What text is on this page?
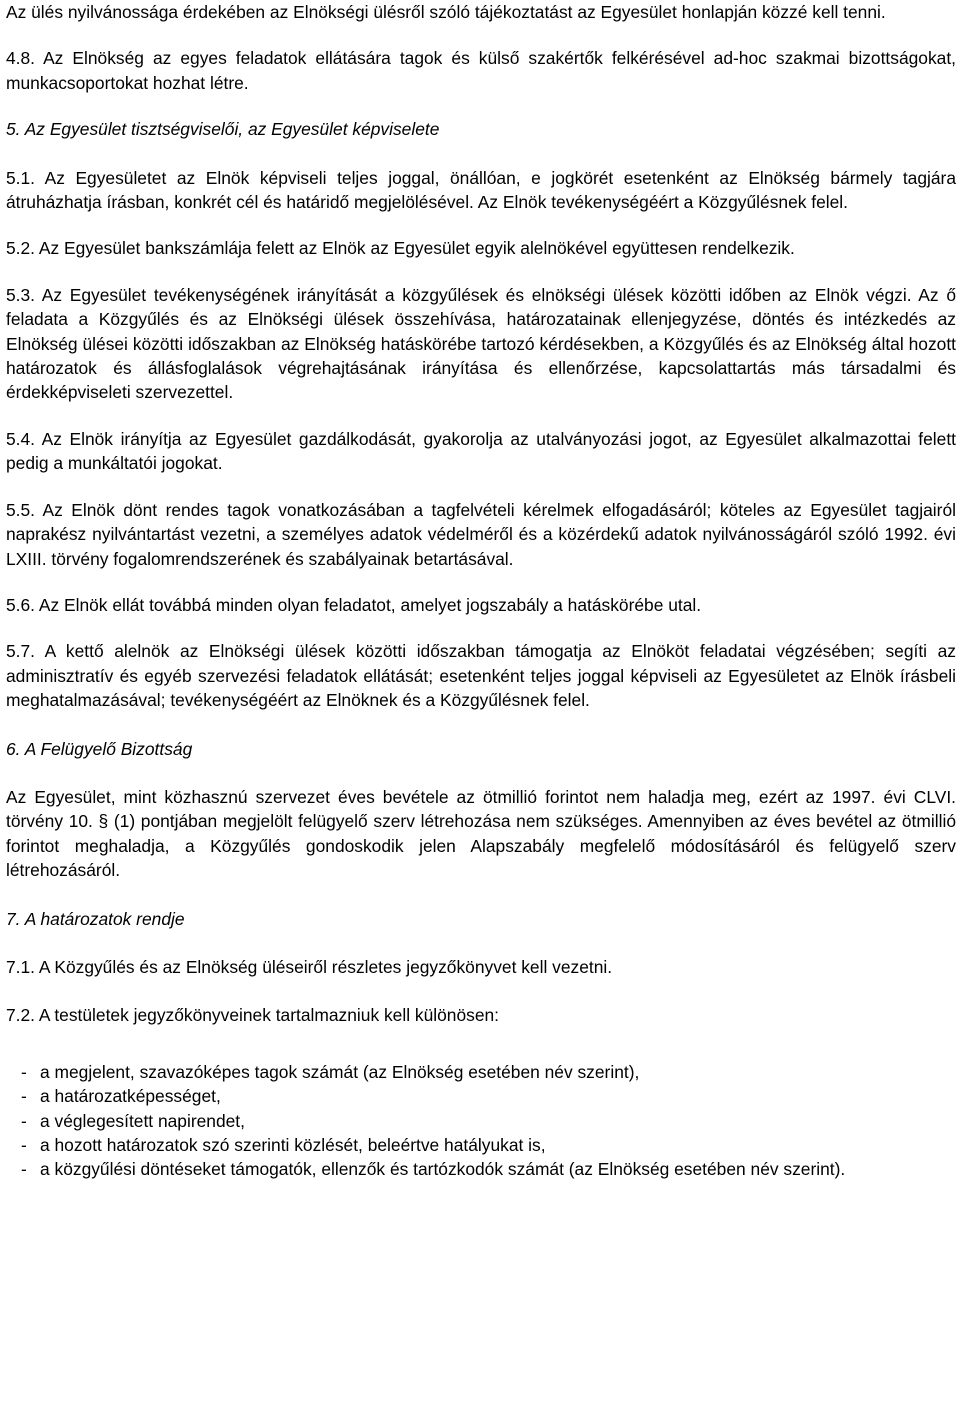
Az ülés nyilvánossága érdekében az Elnökségi ülésről szóló tájékoztatást az Egyesület honlapján közzé kell tenni.

4.8. Az Elnökség az egyes feladatok ellátására tagok és külső szakértők felkérésével ad-hoc szakmai bizottságokat, munkacsoportokat hozhat létre.

5. Az Egyesület tisztségviselői, az Egyesület képviselete

5.1. Az Egyesületet az Elnök képviseli teljes joggal, önállóan, e jogkörét esetenként az Elnökség bármely tagjára átruházhatja írásban, konkrét cél és határidő megjelölésével. Az Elnök tevékenységéért a Közgyűlésnek felel.

5.2. Az Egyesület bankszámlája felett az Elnök az Egyesület egyik alelnökével együttesen rendelkezik.

5.3. Az Egyesület tevékenységének irányítását a közgyűlések és elnökségi ülések közötti időben az Elnök végzi. Az ő feladata a Közgyűlés és az Elnökségi ülések összehívása, határozatainak ellenjegyzése, döntés és intézkedés az Elnökség ülései közötti időszakban az Elnökség hatáskörébe tartozó kérdésekben, a Közgyűlés és az Elnökség által hozott határozatok és állásfoglalások végrehajtásának irányítása és ellenőrzése, kapcsolattartás más társadalmi és érdekképviseleti szervezettel.

5.4. Az Elnök irányítja az Egyesület gazdálkodását, gyakorolja az utalványozási jogot, az Egyesület alkalmazottai felett pedig a munkáltatói jogokat.

5.5. Az Elnök dönt rendes tagok vonatkozásában a tagfelvételi kérelmek elfogadásáról; köteles az Egyesület tagjairól naprakész nyilvántartást vezetni, a személyes adatok védelméről és a közérdekű adatok nyilvánosságáról szóló 1992. évi LXIII. törvény fogalomrendszerének és szabályainak betartásával.

5.6. Az Elnök ellát továbbá minden olyan feladatot, amelyet jogszabály a hatáskörébe utal.

5.7. A kettő alelnök az Elnökségi ülések közötti időszakban támogatja az Elnököt feladatai végzésében; segíti az adminisztratív és egyéb szervezési feladatok ellátását; esetenként teljes joggal képviseli az Egyesületet az Elnök írásbeli meghatalmazásával; tevékenységéért az Elnöknek és a Közgyűlésnek felel.

6. A Felügyelő Bizottság

Az Egyesület, mint közhasznú szervezet éves bevétele az ötmillió forintot nem haladja meg, ezért az 1997. évi CLVI. törvény 10. § (1) pontjában megjelölt felügyelő szerv létrehozása nem szükséges. Amennyiben az éves bevétel az ötmillió forintot meghaladja, a Közgyűlés gondoskodik jelen Alapszabály megfelelő módosításáról és felügyelő szerv létrehozásáról.

7. A határozatok rendje

7.1. A Közgyűlés és az Elnökség üléseiről részletes jegyzőkönyvet kell vezetni.

7.2. A testületek jegyzőkönyveinek tartalmazniuk kell különösen:

- a megjelent, szavazóképes tagok számát (az Elnökség esetében név szerint),
- a határozatképességet,
- a véglegesített napirendet,
- a hozott határozatok szó szerinti közlését, beleértve hatályukat is,
- a közgyűlési döntéseket támogatók, ellenzők és tartózkodók számát (az Elnökség esetében név szerint).
